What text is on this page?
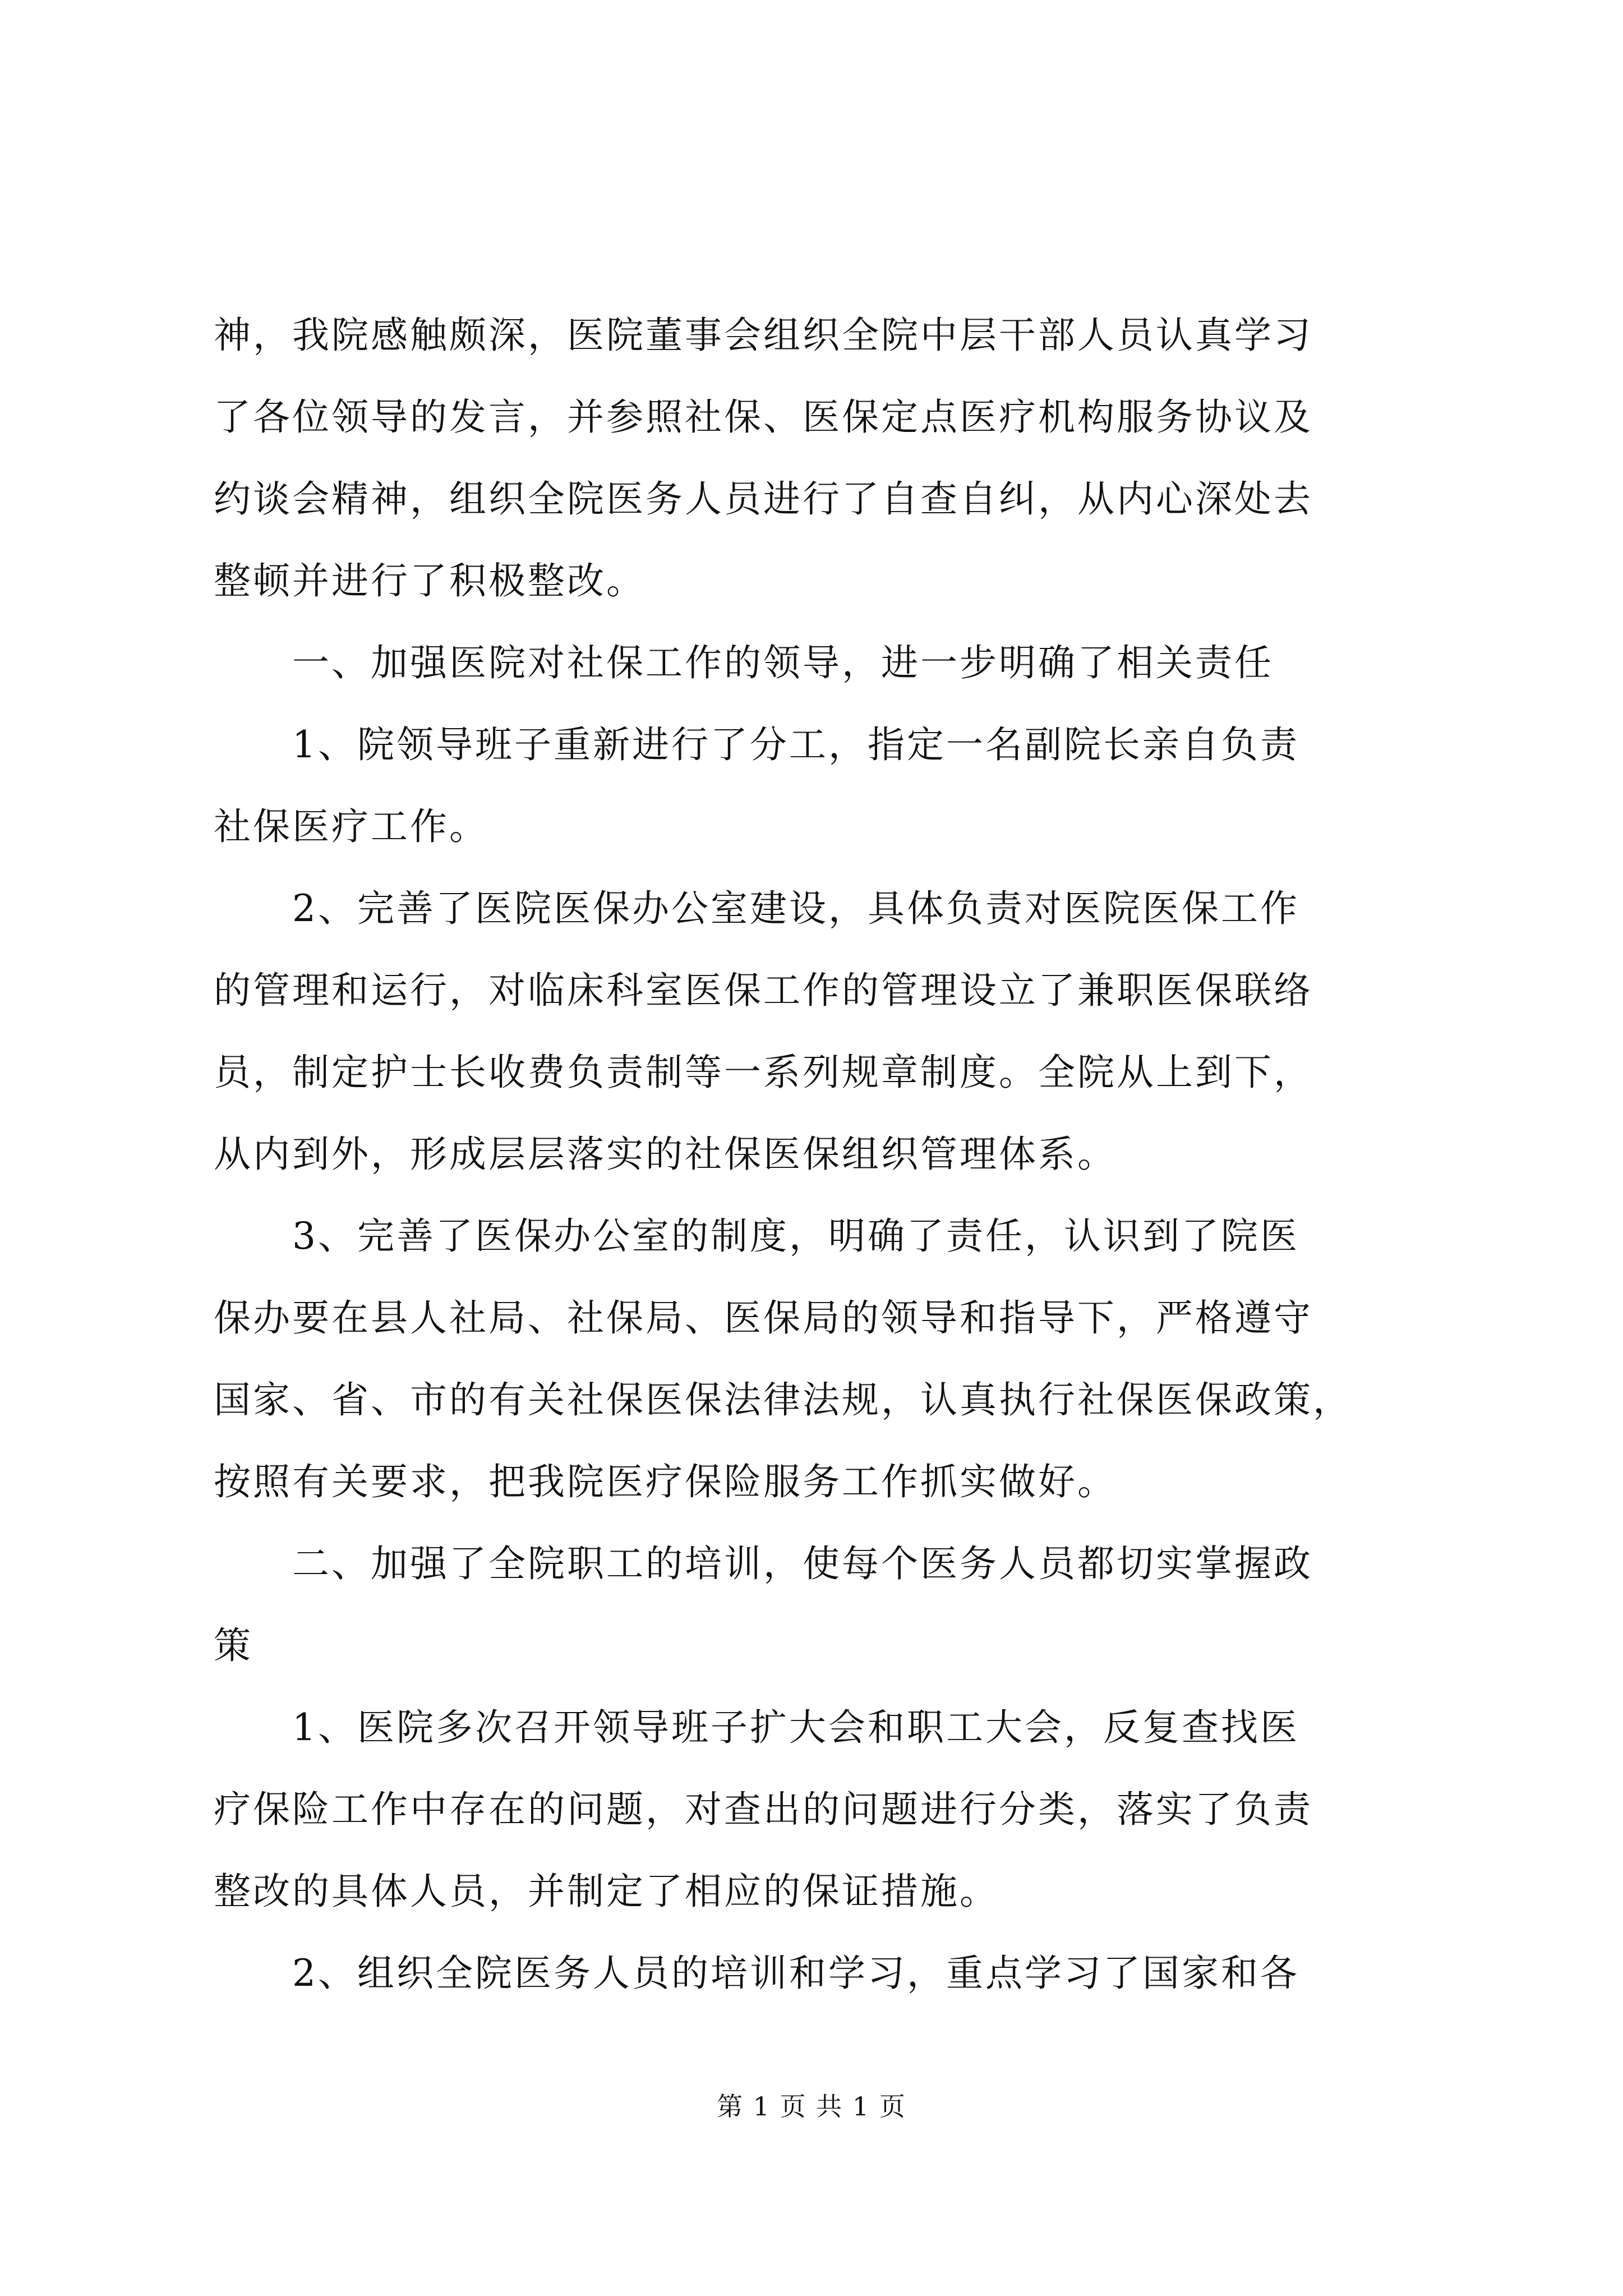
神，我院感触颇深，医院董事会组织全院中层干部人员认真学习
了各位领导的发言，并参照社保、医保定点医疗机构服务协议及
约谈会精神，组织全院医务人员进行了自查自纠，从内心深处去
整顿并进行了积极整改。
一、加强医院对社保工作的领导，进一步明确了相关责任
1、院领导班子重新进行了分工，指定一名副院长亲自负责
社保医疗工作。
2、完善了医院医保办公室建设，具体负责对医院医保工作
的管理和运行，对临床科室医保工作的管理设立了兼职医保联络
员，制定护士长收费负责制等一系列规章制度。全院从上到下，
从内到外，形成层层落实的社保医保组织管理体系。
3、完善了医保办公室的制度，明确了责任，认识到了院医
保办要在县人社局、社保局、医保局的领导和指导下，严格遵守
国家、省、市的有关社保医保法律法规，认真执行社保医保政策，
按照有关要求，把我院医疗保险服务工作抓实做好。
二、加强了全院职工的培训，使每个医务人员都切实掌握政
策
1、医院多次召开领导班子扩大会和职工大会，反复查找医
疗保险工作中存在的问题，对查出的问题进行分类，落实了负责
整改的具体人员，并制定了相应的保证措施。
2、组织全院医务人员的培训和学习，重点学习了国家和各
第 1 页 共 1 页
